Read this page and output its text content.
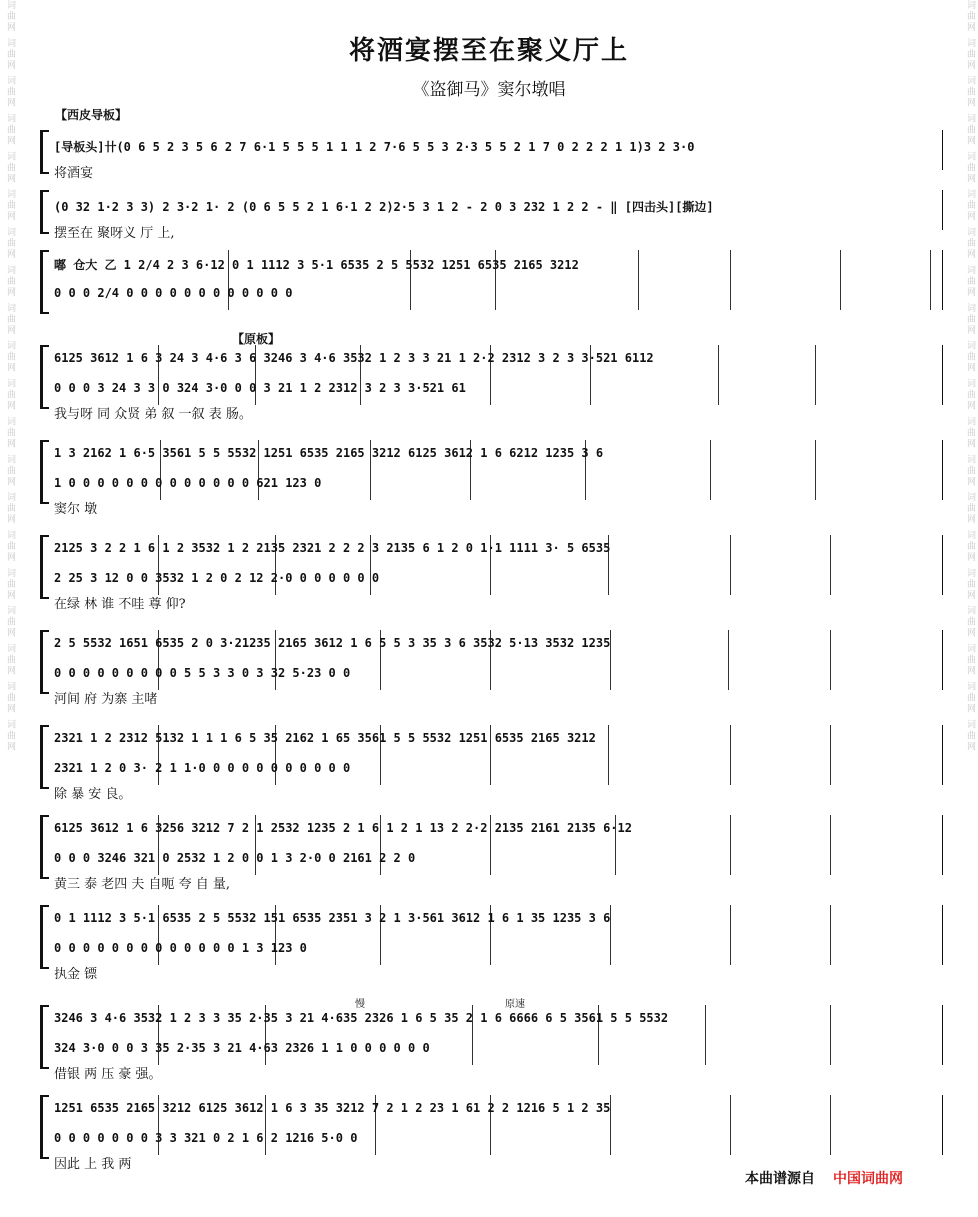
词曲网 词曲网 词曲网 词曲网 词曲网 词曲网 词曲网 词曲网 词曲网 词曲网 词曲网 词曲网 词曲网 词曲网 词曲网 词曲网 词曲网 词曲网 词曲网 词曲网	词曲网 词曲网 词曲网 词曲网 词曲网 词曲网 词曲网 词曲网 词曲网 词曲网 词曲网 词曲网 词曲网 词曲网 词曲网 词曲网 词曲网 词曲网 词曲网 词曲网
将酒宴摆至在聚义厅上
《盗御马》窦尔墩唱
【西皮导板】
【原板】
慢	原速
[导板头]卄(0 6 5 2 3 5 6 2 7 6·1 5 5 5 1 1 1 2 7·6 5 5 3 2·3 5 5 2 1 7 0 2 2 2 1 1)3 2 3·0
将酒宴
(0 32 1·2 3 3) 2 3·2 1· 2 (0 6 5 5 2 1 6·1 2 2)2·5 3 1 2 - 2 0 3 232 1 2 2 - ‖ [四击头][撕边]
摆至在 聚呀义 厅 上,
嘟 仓大 乙 1 2/4 2 3 6·12 0 1 1112 3 5·1 6535 2 5 5532 1251 6535 2165 3212
0 0 0 2/4 0 0 0 0 0 0 0 0 0 0 0 0
6125 3612 1 6 3 24 3 4·6 3 6 3246 3 4·6 3532 1 2 3 3 21 1 2·2 2312 3 2 3 3·521 6112
0 0 0 3 24 3 3 0 324 3·0 0 0 3 21 1 2 2312 3 2 3 3·521 61
我与呀 同 众贤 弟 叙 一叙 表 肠。
1 3 2162 1 6·5 3561 5 5 5532 1251 6535 2165 3212 6125 3612 1 6 6212 1235 3 6
1 0 0 0 0 0 0 0 0 0 0 0 0 0 621 123 0
窦尔 墩
2125 3 2 2 1 6 1 2 3532 1 2 2135 2321 2 2 2 3 2135 6 1 2 0 1·1 1111 3· 5 6535
2 25 3 12 0 0 3532 1 2 0 2 12 2·0 0 0 0 0 0 0
在绿 林 谁 不哇 尊 仰?
2 5 5532 1651 6535 2 0 3·21235 2165 3612 1 6 5 5 3 35 3 6 3532 5·13 3532 1235
0 0 0 0 0 0 0 0 0 5 5 3 3 0 3 32 5·23 0 0
河间 府 为寨 主啫
2321 1 2 2312 5132 1 1 1 6 5 35 2162 1 65 3561 5 5 5532 1251 6535 2165 3212
2321 1 2 0 3· 2 1 1·0 0 0 0 0 0 0 0 0 0 0
除 暴 安 良。
6125 3612 1 6 3256 3212 7 2 1 2532 1235 2 1 6 1 2 1 13 2 2·2 2135 2161 2135 6·12
0 0 0 3246 321 0 2532 1 2 0 0 1 3 2·0 0 2161 2 2 0
黄三 泰 老四 夫 自呃 夸 自 量,
0 1 1112 3 5·1 6535 2 5 5532 151 6535 2351 3 2 1 3·561 3612 1 6 1 35 1235 3 6
0 0 0 0 0 0 0 0 0 0 0 0 0 1 3 123 0
执金 镖
3246 3 4·6 3532 1 2 3 3 35 2·35 3 21 4·635 2326 1 6 5 35 2 1 6 6666 6 5 3561 5 5 5532
324 3·0 0 0 3 35 2·35 3 21 4·63 2326 1 1 0 0 0 0 0 0
借银 两 压 豪 强。
1251 6535 2165 3212 6125 3612 1 6 3 35 3212 7 2 1 2 23 1 61 2 2 1216 5 1 2 35
0 0 0 0 0 0 0 3 3 321 0 2 1 6 2 1216 5·0 0
因此 上 我 两
本曲谱源自 中国词曲网
